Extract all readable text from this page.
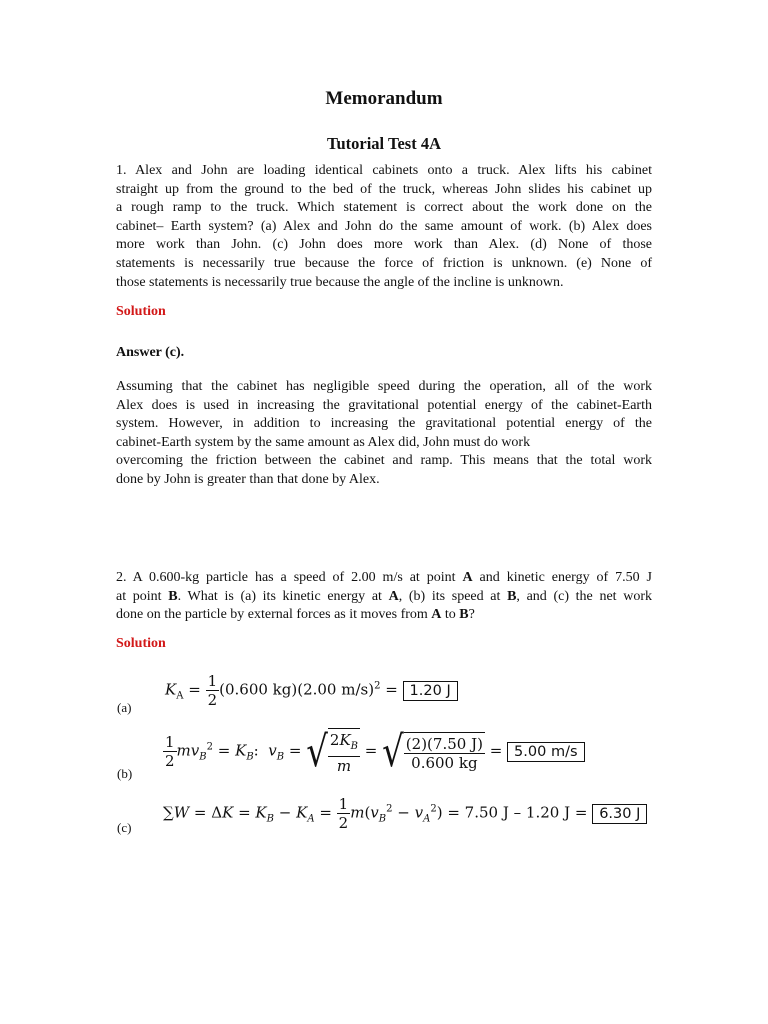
Memorandum
Tutorial Test 4A
1. Alex and John are loading identical cabinets onto a truck. Alex lifts his cabinet
straight up from the ground to the bed of the truck, whereas John slides his cabinet up
a rough ramp to the truck. Which statement is correct about the work done on the
cabinet– Earth system? (a) Alex and John do the same amount of work. (b) Alex does
more work than John. (c) John does more work than Alex. (d) None of those
statements is necessarily true because the force of friction is unknown. (e) None of
those statements is necessarily true because the angle of the incline is unknown.
Solution
Answer (c).
Assuming that the cabinet has negligible speed during the operation, all of the work
Alex does is used in increasing the gravitational potential energy of the cabinet-Earth
system. However, in addition to increasing the gravitational potential energy of the
cabinet-Earth system by the same amount as Alex did, John must do work
overcoming the friction between the cabinet and ramp. This means that the total work
done by John is greater than that done by Alex.
2. A 0.600-kg particle has a speed of 2.00 m/s at point A and kinetic energy of 7.50 J
at point B. What is (a) its kinetic energy at A, (b) its speed at B, and (c) the net work
done on the particle by external forces as it moves from A to B?
Solution
(a)
$K_A = \frac{1}{2} (0.600$ kg)(2.00 m/s)$^2$ = 1.20 J
(b)
$\frac{1}{2} mv_B^2 = K_B$:  $v_B$ = √ $\frac{2K_B}{m}$ = √ $\frac{(2)(7.50 J)}{0.600 kg} = 5.00$ m/s
(c)
$\sum W = \Delta K = K_B - K_A = \frac{1}{2} m(v_B^2 - v_A^2) = 7.50$ J – 1.20 J = 6.30 J
